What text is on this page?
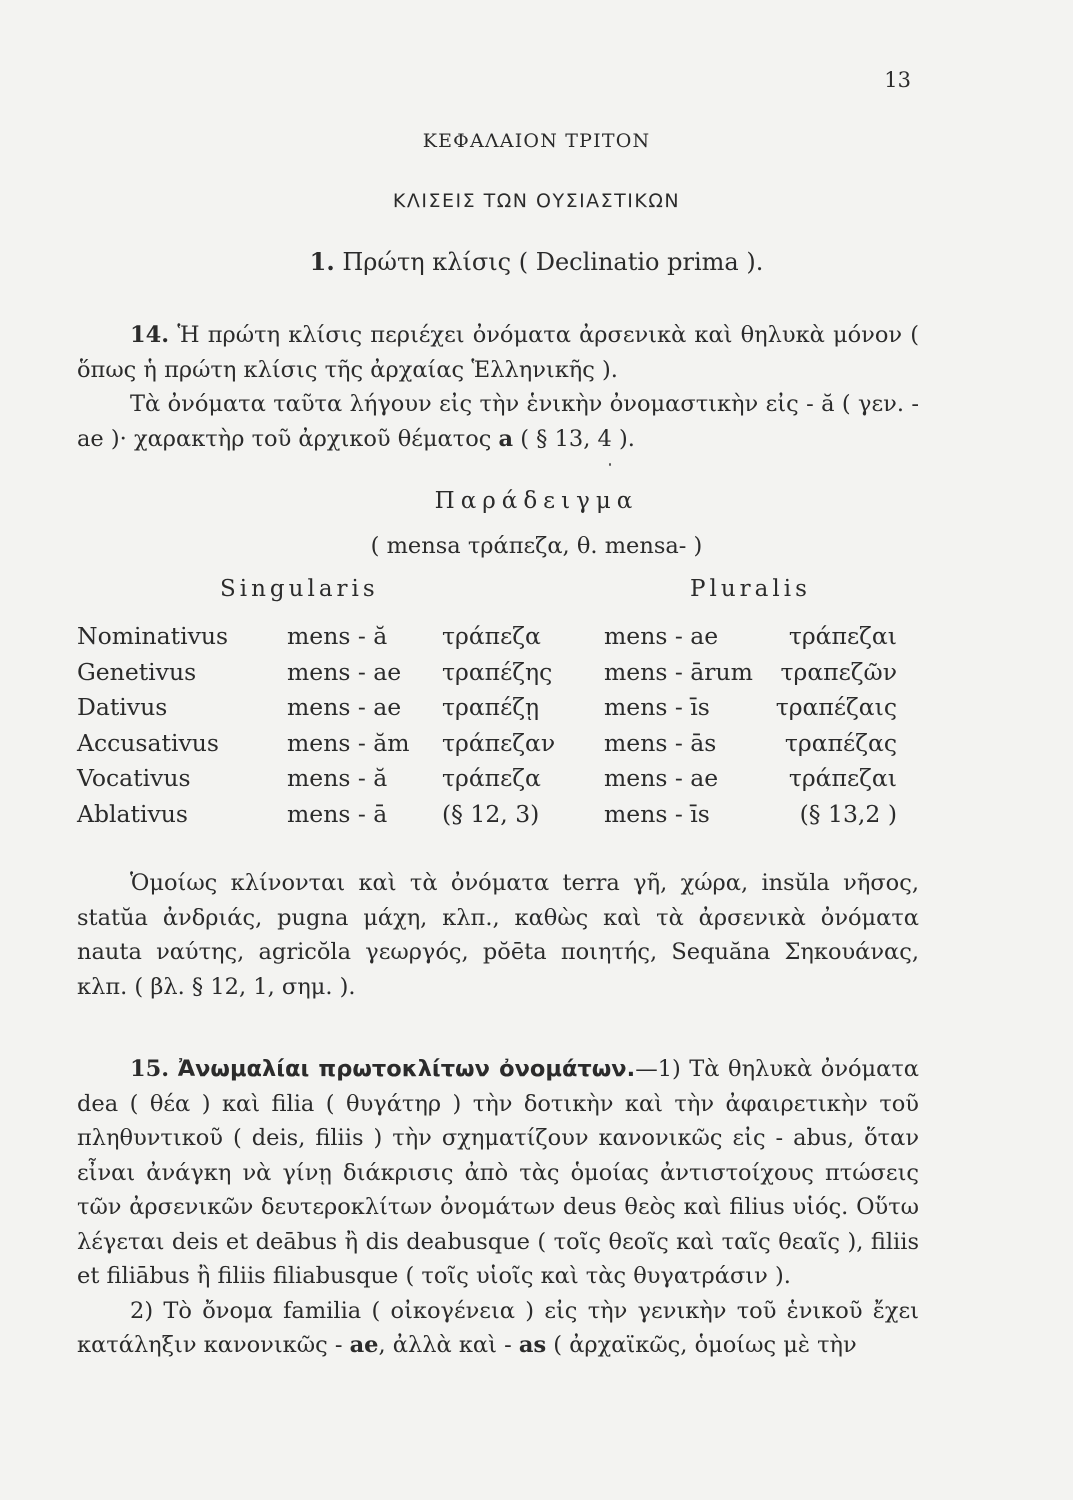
13
ΚΕΦΑΛΑΙΟΝ ΤΡΙΤΟΝ
ΚΛΙΣΕΙΣ ΤΩΝ ΟΥΣΙΑΣΤΙΚΩΝ
1. Πρώτη κλίσις ( Declinatio prima ).

14. Ἡ πρώτη κλίσις περιέχει ὀνόματα ἀρσενικὰ καὶ θηλυκὰ μόνον ( ὅπως ἡ πρώτη κλίσις τῆς ἀρχαίας Ἑλληνικῆς ).

Τὰ ὀνόματα ταῦτα λήγουν εἰς τὴν ἑνικὴν ὀνομαστικὴν εἰς - ă ( γεν. - ae )· χαρακτὴρ τοῦ ἀρχικοῦ θέματος a ( § 13, 4 ).

Παράδειγμα
( mensa τράπεζα, θ. mensa- )
Singularis	Pluralis
Nominativus	mens - ă τράπεζα	mens - ae	τράπεζαι
Genetivus	mens - ae τραπέζης mens - ārum τραπεζῶν
Dativus	mens - ae τραπέζῃ	mens - īs	τραπέζαις
Accusativus	mens - ăm τράπεζαν mens - ās	τραπέζας
Vocativus	mens - ă τράπεζα	mens - ae	τράπεζαι
Ablativus	mens - ā (§ 12, 3)	mens - īs	(§ 13,2 )

Ὁμοίως κλίνονται καὶ τὰ ὀνόματα terra γῆ, χώρα, insŭla νῆσος, statŭa ἀνδριάς, pugna μάχη, κλπ., καθὼς καὶ τὰ ἀρσενικὰ ὀνόματα nauta ναύτης, agricŏla γεωργός, pŏēta ποιητής, Sequăna Σηκουάνας, κλπ. ( βλ. § 12, 1, σημ. ).

15. Ἀνωμαλίαι πρωτοκλίτων ὀνομάτων.—1) Τὰ θηλυκὰ ὀνόματα dea ( θέα ) καὶ filia ( θυγάτηρ ) τὴν δοτικὴν καὶ τὴν ἀφαιρετικὴν τοῦ πληθυντικοῦ ( deis, filiis ) τὴν σχηματίζουν κανονικῶς εἰς - abus, ὅταν εἶναι ἀνάγκη νὰ γίνῃ διάκρισις ἀπὸ τὰς ὁμοίας ἀντιστοίχους πτώσεις τῶν ἀρσενικῶν δευτεροκλίτων ὀνομάτων deus θεὸς καὶ filius υἱός. Οὕτω λέγεται deis et deābus ἢ dis deabusque ( τοῖς θεοῖς καὶ ταῖς θεαῖς ), filiis et filiābus ἢ filiis filiabusque ( τοῖς υἱοῖς καὶ τὰς θυγατράσιν ).

2) Τὸ ὄνομα familia ( οἰκογένεια ) εἰς τὴν γενικὴν τοῦ ἑνικοῦ ἔχει κατάληξιν κανονικῶς - ae, ἀλλὰ καὶ - as ( ἀρχαϊκῶς, ὁμοίως μὲ τὴν
